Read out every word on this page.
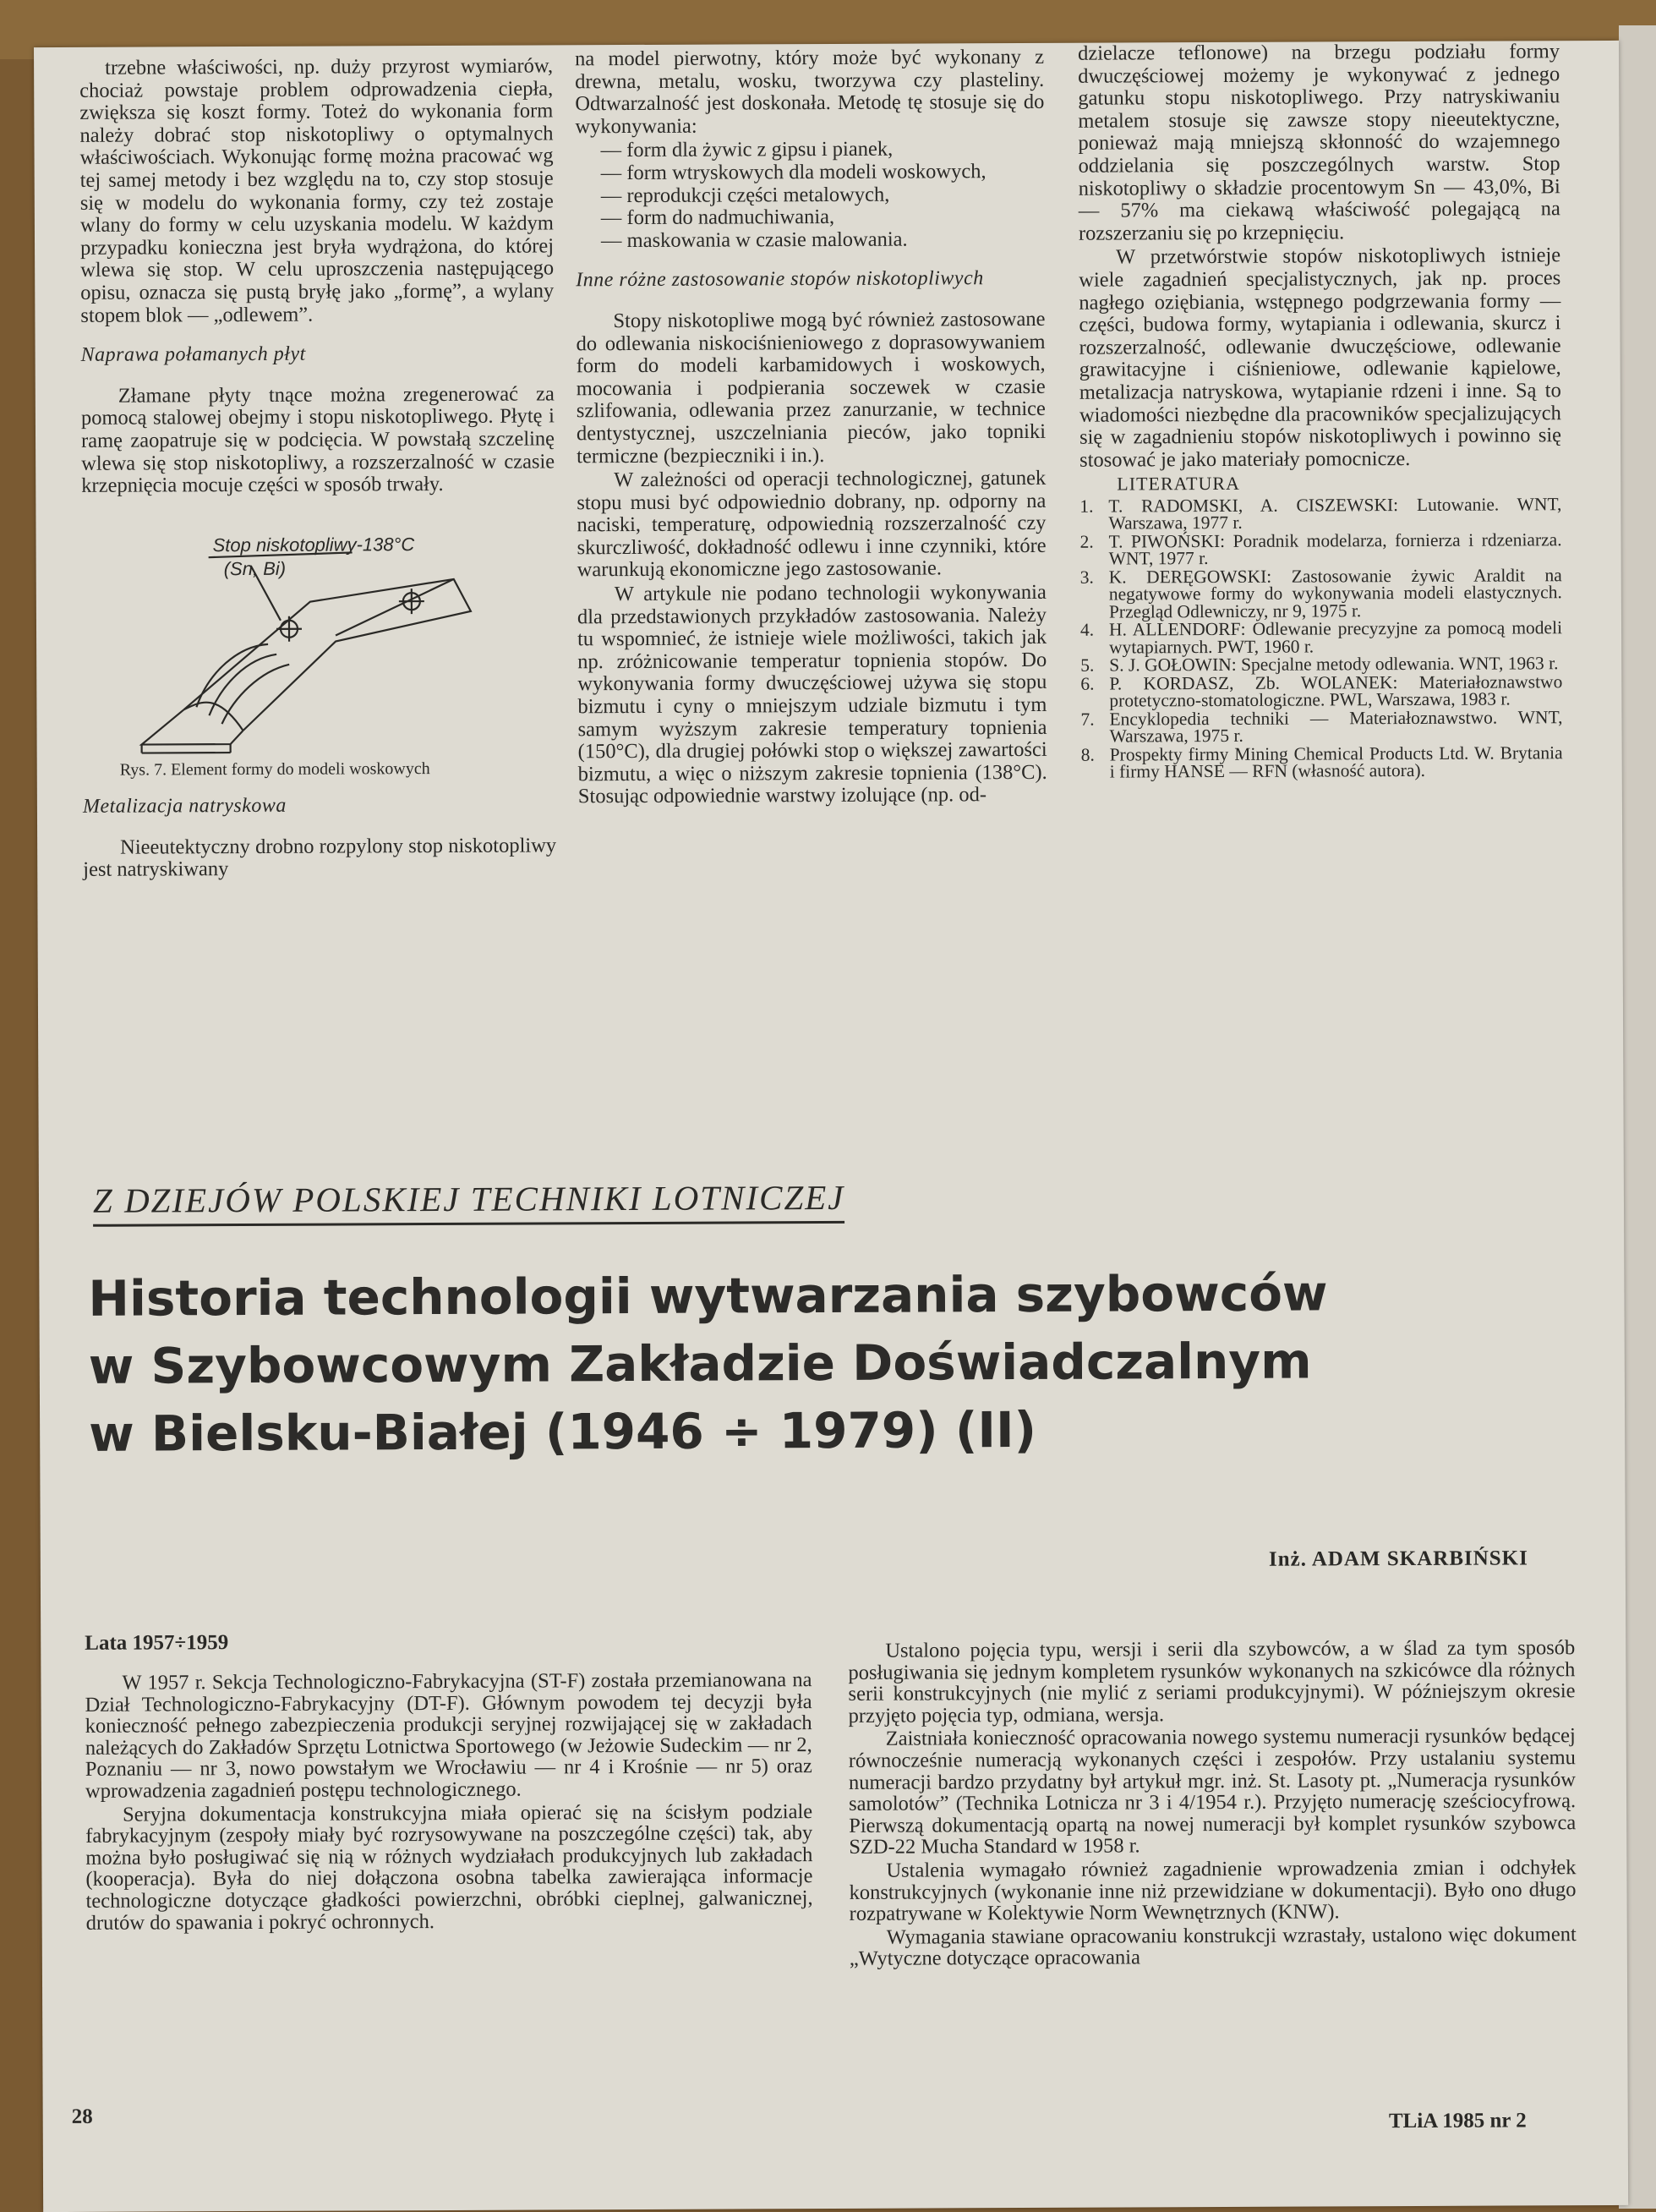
trzebne właściwości, np. duży przyrost wymiarów, chociaż powstaje problem odprowadzenia ciepła, zwiększa się koszt formy. Toteż do wykonania form należy dobrać stop niskotopliwy o optymalnych właściwościach. Wykonując formę można pracować wg tej samej metody i bez względu na to, czy stop stosuje się w modelu do wykonania formy, czy też zostaje wlany do formy w celu uzyskania modelu. W każdym przypadku konieczna jest bryła wydrążona, do której wlewa się stop. W celu uproszczenia następującego opisu, oznacza się pustą bryłę jako „formę”, a wylany stopem blok — „odlewem”.

Naprawa połamanych płyt

Złamane płyty tnące można zregenerować za pomocą stalowej obejmy i stopu niskotopliwego. Płytę i ramę zaopatruje się w podcięcia. W powstałą szczelinę wlewa się stop niskotopliwy, a rozszerzalność w czasie krzepnięcia mocuje części w sposób trwały.

Stop niskotopliwy-138°C
(Sn, Bi)

Rys. 7. Element formy do modeli woskowych

Metalizacja natryskowa

Nieeutektyczny drobno rozpylony stop niskotopliwy jest natryskiwany

na model pierwotny, który może być wykonany z drewna, metalu, wosku, tworzywa czy plasteliny. Odtwarzalność jest doskonała. Metodę tę stosuje się do wykonywania:

— form dla żywic z gipsu i pianek,
— form wtryskowych dla modeli woskowych,
— reprodukcji części metalowych,
— form do nadmuchiwania,
— maskowania w czasie malowania.

Inne różne zastosowanie stopów niskotopliwych

Stopy niskotopliwe mogą być również zastosowane do odlewania niskociśnieniowego z doprasowywaniem form do modeli karbamidowych i woskowych, mocowania i podpierania soczewek w czasie szlifowania, odlewania przez zanurzanie, w technice dentystycznej, uszczelniania pieców, jako topniki termiczne (bezpieczniki i in.).

W zależności od operacji technologicznej, gatunek stopu musi być odpowiednio dobrany, np. odporny na naciski, temperaturę, odpowiednią rozszerzalność czy skurczliwość, dokładność odlewu i inne czynniki, które warunkują ekonomiczne jego zastosowanie.

W artykule nie podano technologii wykonywania dla przedstawionych przykładów zastosowania. Należy tu wspomnieć, że istnieje wiele możliwości, takich jak np. zróżnicowanie temperatur topnienia stopów. Do wykonywania formy dwuczęściowej używa się stopu bizmutu i cyny o mniejszym udziale bizmutu i tym samym wyższym zakresie temperatury topnienia (150°C), dla drugiej połówki stop o większej zawartości bizmutu, a więc o niższym zakresie topnienia (138°C). Stosując odpowiednie warstwy izolujące (np. od-

dzielacze teflonowe) na brzegu podziału formy dwuczęściowej możemy je wykonywać z jednego gatunku stopu niskotopliwego. Przy natryskiwaniu metalem stosuje się zawsze stopy nieeutektyczne, ponieważ mają mniejszą skłonność do wzajemnego oddzielania się poszczególnych warstw. Stop niskotopliwy o składzie procentowym Sn — 43,0%, Bi — 57% ma ciekawą właściwość polegającą na rozszerzaniu się po krzepnięciu.

W przetwórstwie stopów niskotopliwych istnieje wiele zagadnień specjalistycznych, jak np. proces nagłego oziębiania, wstępnego podgrzewania formy — części, budowa formy, wytapiania i odlewania, skurcz i rozszerzalność, odlewanie dwuczęściowe, odlewanie grawitacyjne i ciśnieniowe, odlewanie kąpielowe, metalizacja natryskowa, wytapianie rdzeni i inne. Są to wiadomości niezbędne dla pracowników specjalizujących się w zagadnieniu stopów niskotopliwych i powinno się stosować je jako materiały pomocnicze.

LITERATURA

1. T. RADOMSKI, A. CISZEWSKI: Lutowanie. WNT, Warszawa, 1977 r.
2. T. PIWOŃSKI: Poradnik modelarza, fornierza i rdzeniarza. WNT, 1977 r.
3. K. DERĘGOWSKI: Zastosowanie żywic Araldit na negatywowe formy do wykonywania modeli elastycznych. Przegląd Odlewniczy, nr 9, 1975 r.
4. H. ALLENDORF: Odlewanie precyzyjne za pomocą modeli wytapiarnych. PWT, 1960 r.
5. S. J. GOŁOWIN: Specjalne metody odlewania. WNT, 1963 r.
6. P. KORDASZ, Zb. WOLANEK: Materiałoznawstwo protetyczno-stomatologiczne. PWL, Warszawa, 1983 r.
7. Encyklopedia techniki — Materiałoznawstwo. WNT, Warszawa, 1975 r.
8. Prospekty firmy Mining Chemical Products Ltd. W. Brytania i firmy HANSE — RFN (własność autora).
Z DZIEJÓW POLSKIEJ TECHNIKI LOTNICZEJ
Historia technologii wytwarzania szybowców
w Szybowcowym Zakładzie Doświadczalnym
w Bielsku-Białej (1946 ÷ 1979) (II)
Inż. ADAM SKARBIŃSKI
Lata 1957÷1959

W 1957 r. Sekcja Technologiczno-Fabrykacyjna (ST-F) została przemianowana na Dział Technologiczno-Fabrykacyjny (DT-F). Głównym powodem tej decyzji była konieczność pełnego zabezpieczenia produkcji seryjnej rozwijającej się w zakładach należących do Zakładów Sprzętu Lotnictwa Sportowego (w Jeżowie Sudeckim — nr 2, Poznaniu — nr 3, nowo powstałym we Wrocławiu — nr 4 i Krośnie — nr 5) oraz wprowadzenia zagadnień postępu technologicznego.

Seryjna dokumentacja konstrukcyjna miała opierać się na ścisłym podziale fabrykacyjnym (zespoły miały być rozrysowywane na poszczególne części) tak, aby można było posługiwać się nią w różnych wydziałach produkcyjnych lub zakładach (kooperacja). Była do niej dołączona osobna tabelka zawierająca informacje technologiczne dotyczące gładkości powierzchni, obróbki cieplnej, galwanicznej, drutów do spawania i pokryć ochronnych.

Ustalono pojęcia typu, wersji i serii dla szybowców, a w ślad za tym sposób posługiwania się jednym kompletem rysunków wykonanych na szkicówce dla różnych serii konstrukcyjnych (nie mylić z seriami produkcyjnymi). W późniejszym okresie przyjęto pojęcia typ, odmiana, wersja.

Zaistniała konieczność opracowania nowego systemu numeracji rysunków będącej równocześnie numeracją wykonanych części i zespołów. Przy ustalaniu systemu numeracji bardzo przydatny był artykuł mgr. inż. St. Lasoty pt. „Numeracja rysunków samolotów” (Technika Lotnicza nr 3 i 4/1954 r.). Przyjęto numerację sześciocyfrową. Pierwszą dokumentacją opartą na nowej numeracji był komplet rysunków szybowca SZD-22 Mucha Standard w 1958 r.

Ustalenia wymagało również zagadnienie wprowadzenia zmian i odchyłek konstrukcyjnych (wykonanie inne niż przewidziane w dokumentacji). Było ono długo rozpatrywane w Kolektywie Norm Wewnętrznych (KNW).

Wymagania stawiane opracowaniu konstrukcji wzrastały, ustalono więc dokument „Wytyczne dotyczące opracowania

28	TLiA 1985 nr 2
